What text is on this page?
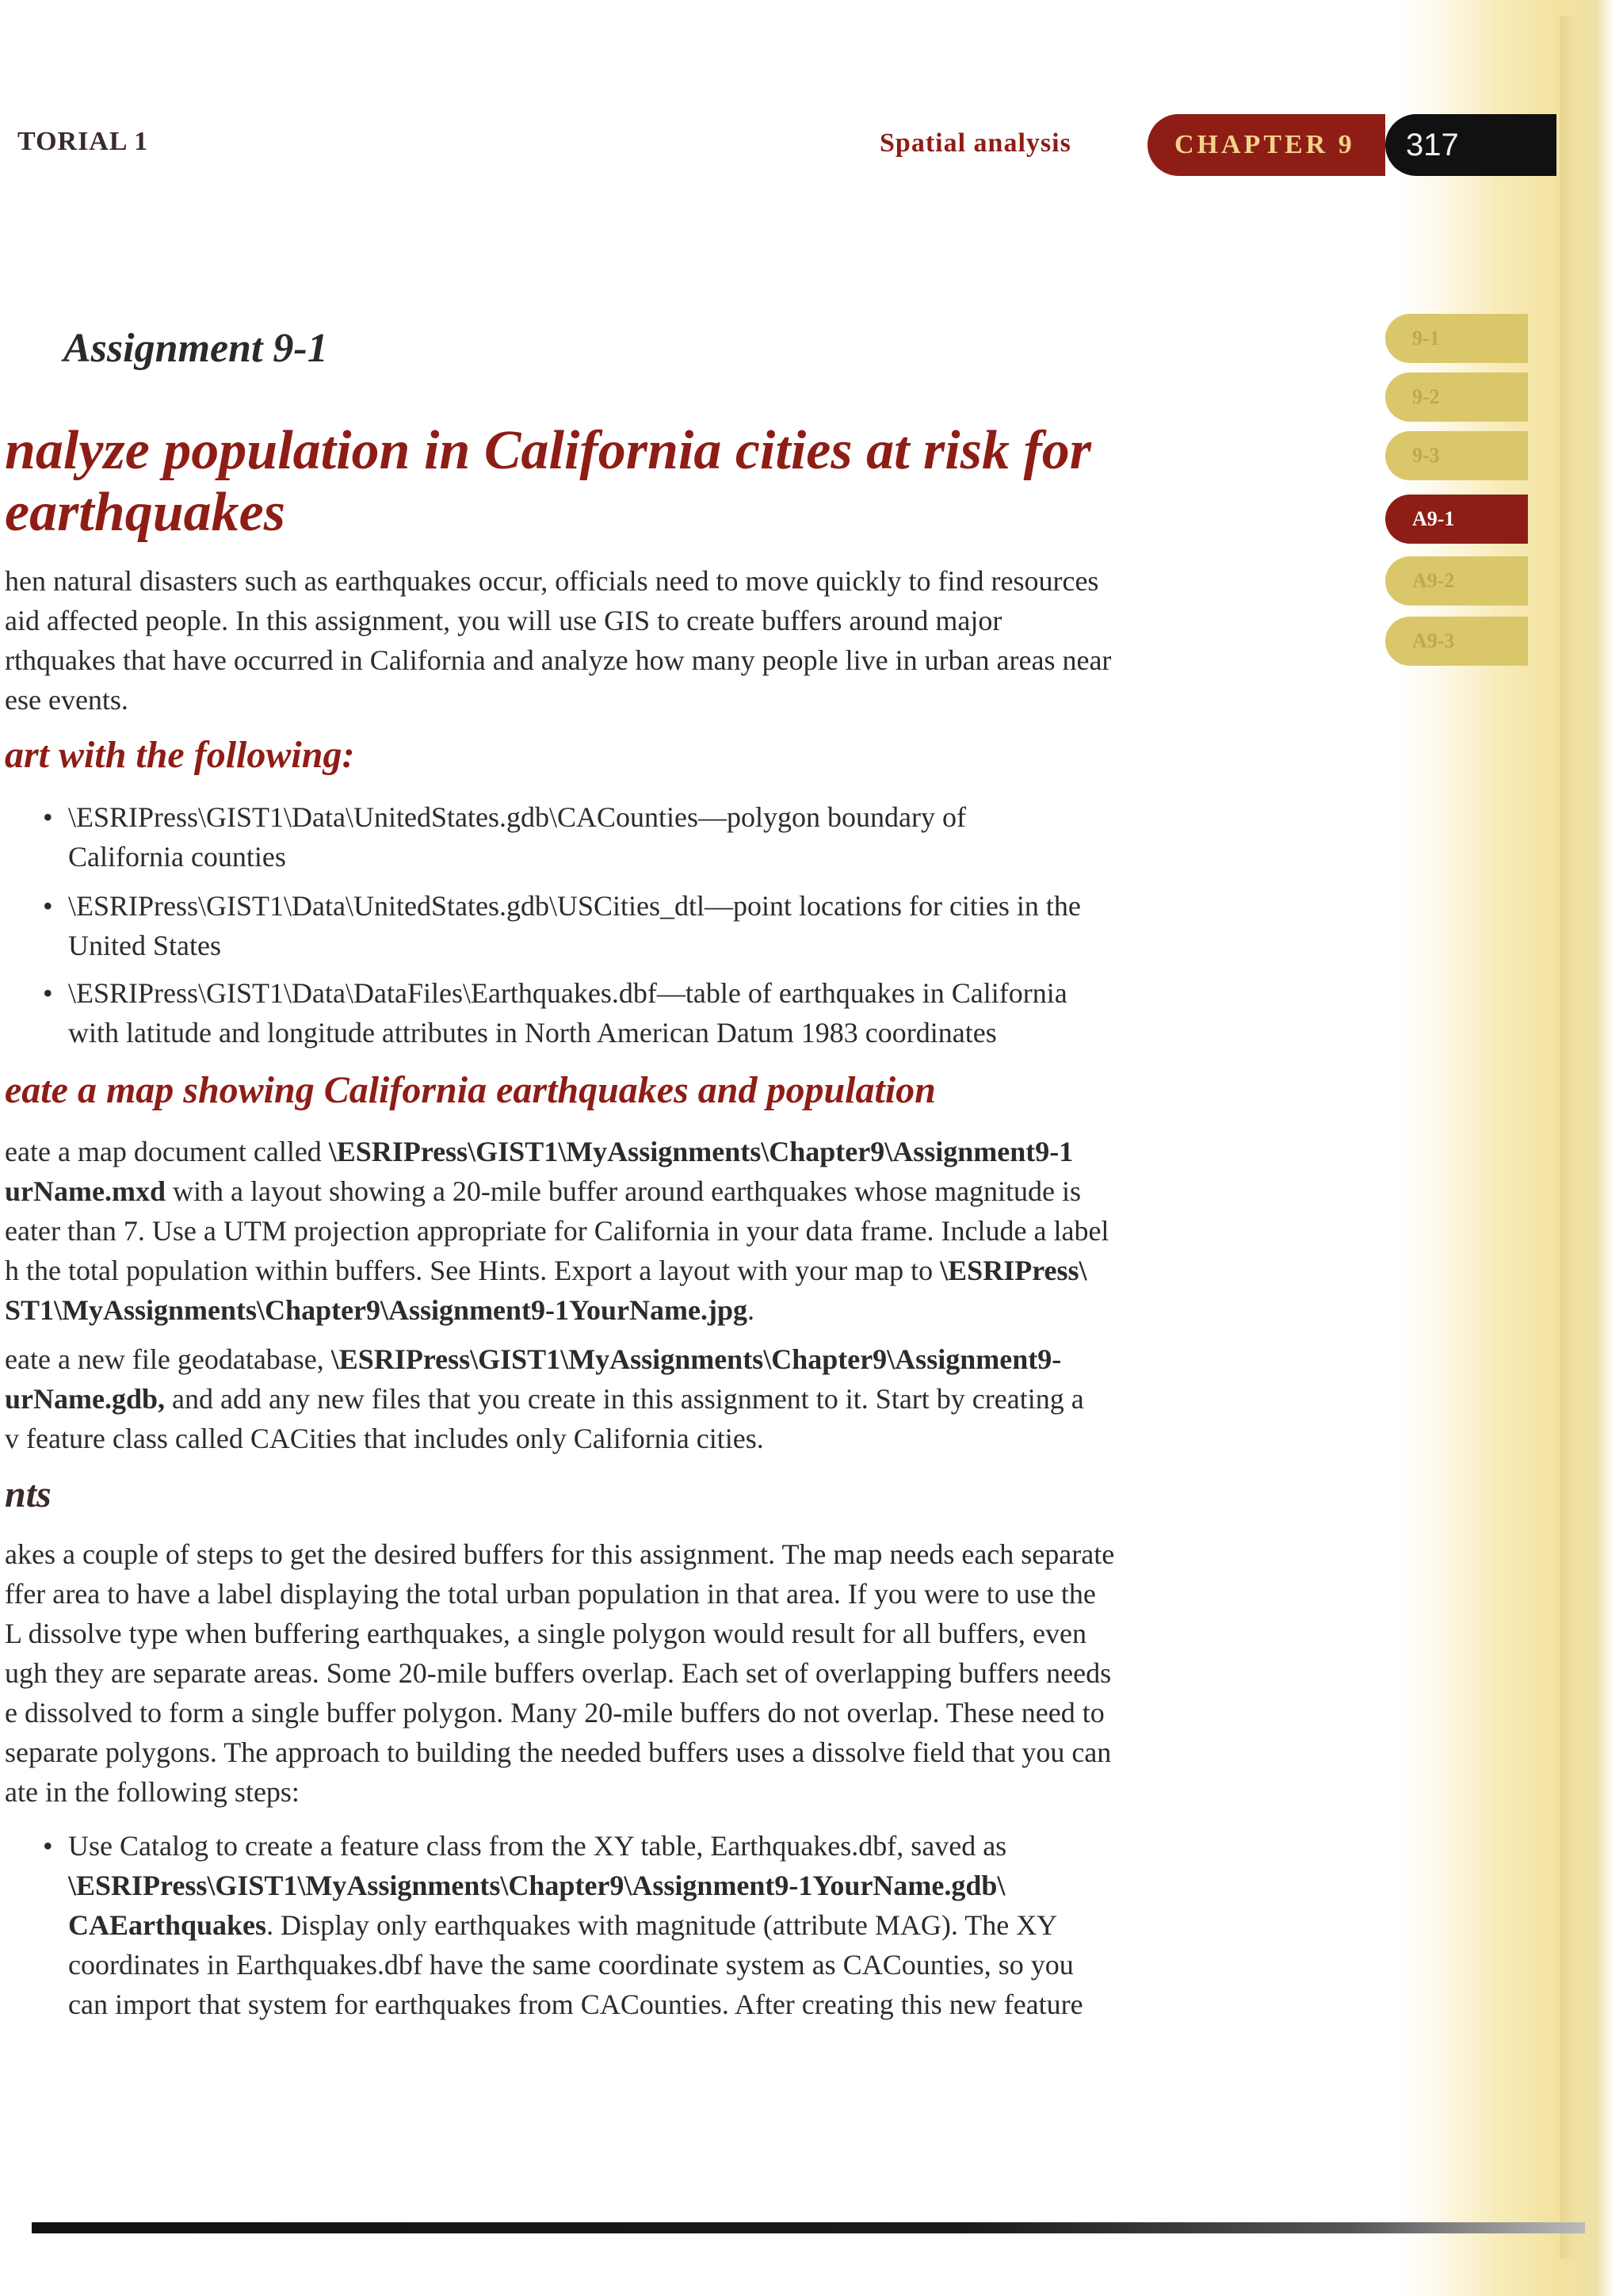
9-1
9-2
9-3
A9-1
A9-2
A9-3
TORIAL 1	Spatial analysis	CHAPTER 9	317
Assignment 9-1
nalyze population in California cities at risk for
earthquakes
hen natural disasters such as earthquakes occur, officials need to move quickly to find resources
aid affected people. In this assignment, you will use GIS to create buffers around major
rthquakes that have occurred in California and analyze how many people live in urban areas near
ese events.
art with the following:
• \ESRIPress\GIST1\Data\UnitedStates.gdb\CACounties—polygon boundary of
California counties
• \ESRIPress\GIST1\Data\UnitedStates.gdb\USCities_dtl—point locations for cities in the
United States
• \ESRIPress\GIST1\Data\DataFiles\Earthquakes.dbf—table of earthquakes in California
with latitude and longitude attributes in North American Datum 1983 coordinates
eate a map showing California earthquakes and population
eate a map document called \ESRIPress\GIST1\MyAssignments\Chapter9\Assignment9-1
urName.mxd with a layout showing a 20-mile buffer around earthquakes whose magnitude is
eater than 7. Use a UTM projection appropriate for California in your data frame. Include a label
h the total population within buffers. See Hints. Export a layout with your map to \ESRIPress\
ST1\MyAssignments\Chapter9\Assignment9-1YourName.jpg.
eate a new file geodatabase, \ESRIPress\GIST1\MyAssignments\Chapter9\Assignment9-
urName.gdb, and add any new files that you create in this assignment to it. Start by creating a
v feature class called CACities that includes only California cities.
nts
akes a couple of steps to get the desired buffers for this assignment. The map needs each separate
ffer area to have a label displaying the total urban population in that area. If you were to use the
L dissolve type when buffering earthquakes, a single polygon would result for all buffers, even
ugh they are separate areas. Some 20-mile buffers overlap. Each set of overlapping buffers needs
e dissolved to form a single buffer polygon. Many 20-mile buffers do not overlap. These need to
separate polygons. The approach to building the needed buffers uses a dissolve field that you can
ate in the following steps:
• Use Catalog to create a feature class from the XY table, Earthquakes.dbf, saved as
\ESRIPress\GIST1\MyAssignments\Chapter9\Assignment9-1YourName.gdb\
CAEarthquakes. Display only earthquakes with magnitude (attribute MAG). The XY
coordinates in Earthquakes.dbf have the same coordinate system as CACounties, so you
can import that system for earthquakes from CACounties. After creating this new feature
